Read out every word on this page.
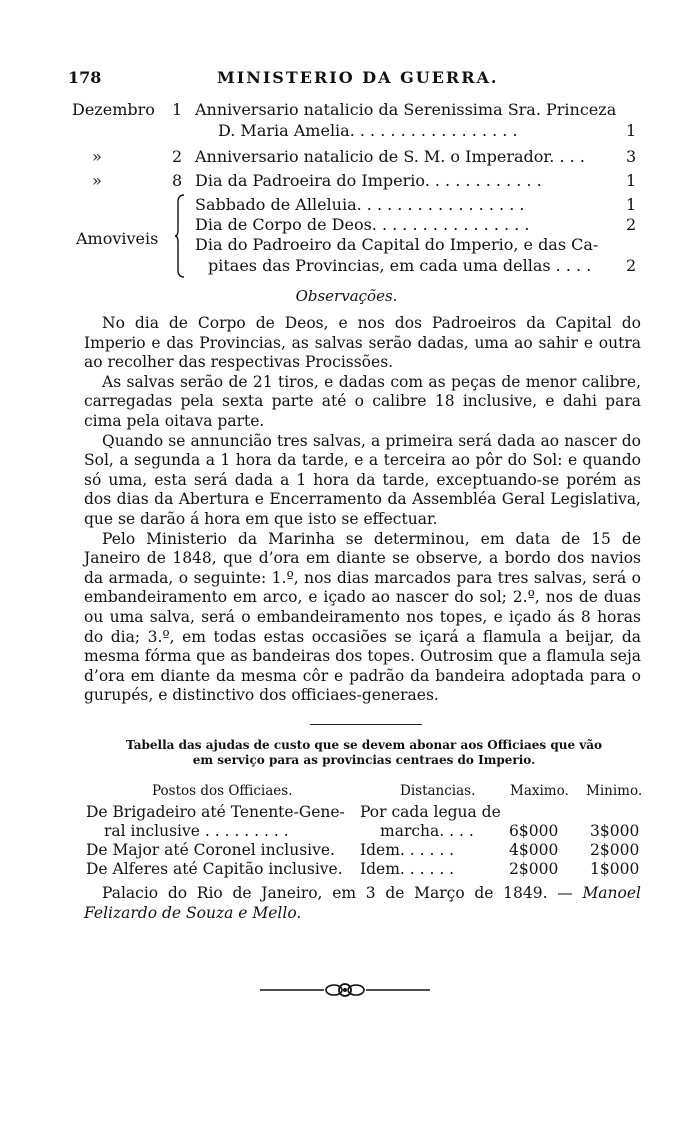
178	MINISTERIO DA GUERRA.
Dezembro 1 Anniversario natalicio da Serenissima Sra. Princeza
D. Maria Amelia. . . . . . . . . . . . . . . . .	1
»	2 Anniversario natalicio de S. M. o Imperador. . . .	3
»	8 Dia da Padroeira do Imperio. . . . . . . . . . . .	1
Amoviveis
Sabbado de Alleluia. . . . . . . . . . . . . . . . .	1
Dia de Corpo de Deos. . . . . . . . . . . . . . . .	2
Dia do Padroeiro da Capital do Imperio, e das Ca-
pitaes das Provincias, em cada uma dellas . . . . 2
Observações.

No dia de Corpo de Deos, e nos dos Padroeiros da Capital do Imperio e das Provincias, as salvas serão dadas, uma ao sahir e outra ao recolher das respectivas Procissões.

As salvas serão de 21 tiros, e dadas com as peças de menor calibre, carregadas pela sexta parte até o calibre 18 inclusive, e dahi para cima pela oitava parte.

Quando se annuncião tres salvas, a primeira será dada ao nascer do Sol, a segunda a 1 hora da tarde, e a terceira ao pôr do Sol: e quando só uma, esta será dada a 1 hora da tarde, exceptuando-se porém as dos dias da Abertura e Encerramento da Assembléa Geral Legislativa, que se darão á hora em que isto se effectuar.

Pelo Ministerio da Marinha se determinou, em data de 15 de Janeiro de 1848, que d’ora em diante se observe, a bordo dos navios da armada, o seguinte: 1.º, nos dias marcados para tres salvas, será o embandeiramento em arco, e içado ao nascer do sol; 2.º, nos de duas ou uma salva, será o embandeiramento nos topes, e içado ás 8 horas do dia; 3.º, em todas estas occasiões se içará a flamula a beijar, da mesma fórma que as bandeiras dos topes. Outrosim que a flamula seja d’ora em diante da mesma côr e padrão da bandeira adoptada para o gurupés, e distinctivo dos officiaes-generaes.

Tabella das ajudas de custo que se devem abonar aos Officiaes que vão
em serviço para as provincias centraes do Imperio.
Postos dos Officiaes.	Distancias.	Maximo. Minimo.
De Brigadeiro até Tenente-Gene-
ral inclusive . . . . . . . . .
Por cada legua de
marcha. . . . 6$000 3$000
De Major até Coronel inclusive. Idem. . . . . .	4$000 2$000
De Alferes até Capitão inclusive. Idem. . . . . .	2$000 1$000
Palacio do Rio de Janeiro, em 3 de Março de 1849. — Manoel Felizardo de Souza e Mello.
